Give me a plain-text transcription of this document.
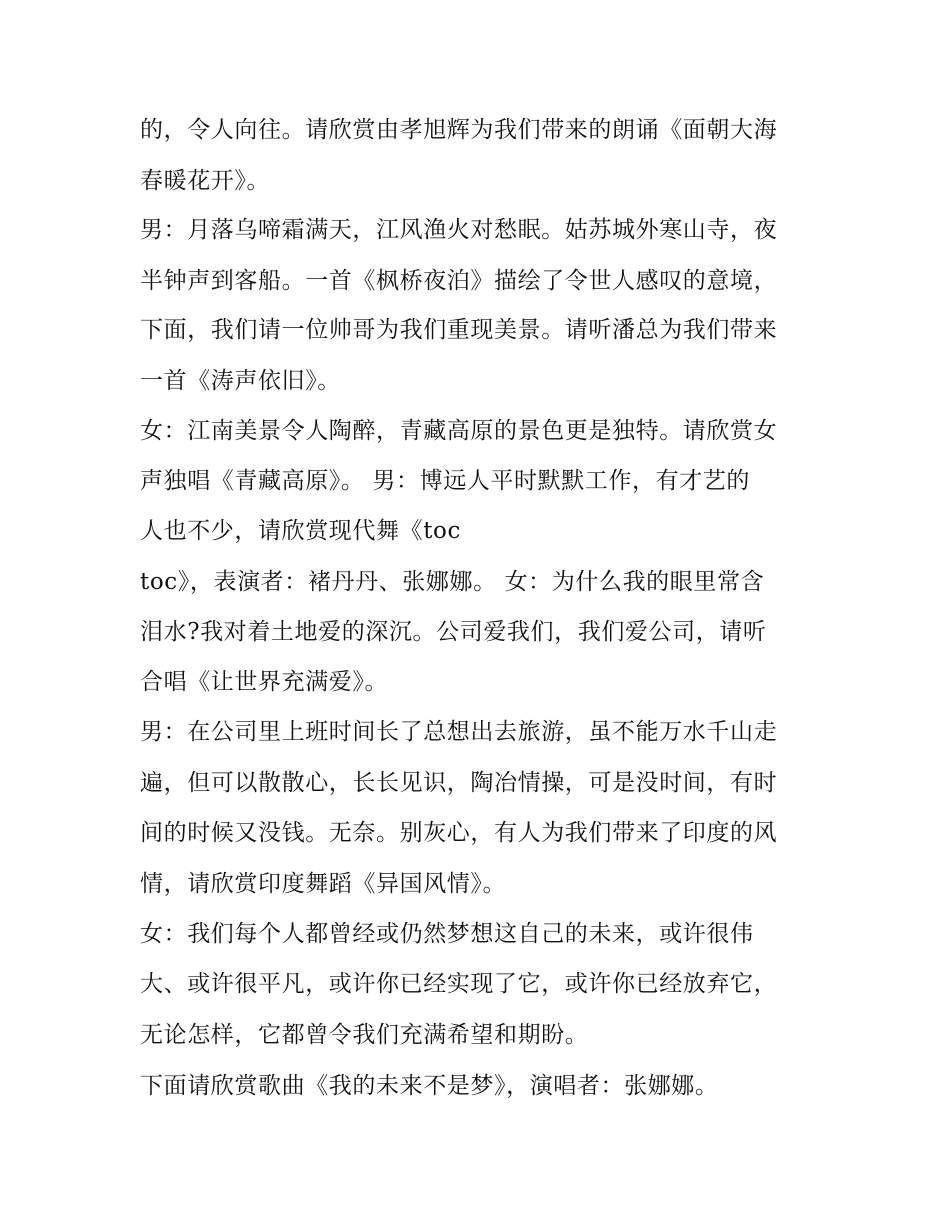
的，令人向往。请欣赏由孝旭辉为我们带来的朗诵《面朝大海
春暖花开》。
男：月落乌啼霜满天，江风渔火对愁眠。姑苏城外寒山寺，夜
半钟声到客船。一首《枫桥夜泊》描绘了令世人感叹的意境，
下面，我们请一位帅哥为我们重现美景。请听潘总为我们带来
一首《涛声依旧》。
女：江南美景令人陶醉，青藏高原的景色更是独特。请欣赏女
声独唱《青藏高原》。 男：博远人平时默默工作，有才艺的
人也不少，请欣赏现代舞《toc
toc》，表演者：褚丹丹、张娜娜。 女：为什么我的眼里常含
泪水?我对着土地爱的深沉。公司爱我们，我们爱公司，请听
合唱《让世界充满爱》。
男：在公司里上班时间长了总想出去旅游，虽不能万水千山走
遍，但可以散散心，长长见识，陶冶情操，可是没时间，有时
间的时候又没钱。无奈。别灰心，有人为我们带来了印度的风
情，请欣赏印度舞蹈《异国风情》。
女：我们每个人都曾经或仍然梦想这自己的未来，或许很伟
大、或许很平凡，或许你已经实现了它，或许你已经放弃它，
无论怎样，它都曾令我们充满希望和期盼。
下面请欣赏歌曲《我的未来不是梦》，演唱者：张娜娜。
